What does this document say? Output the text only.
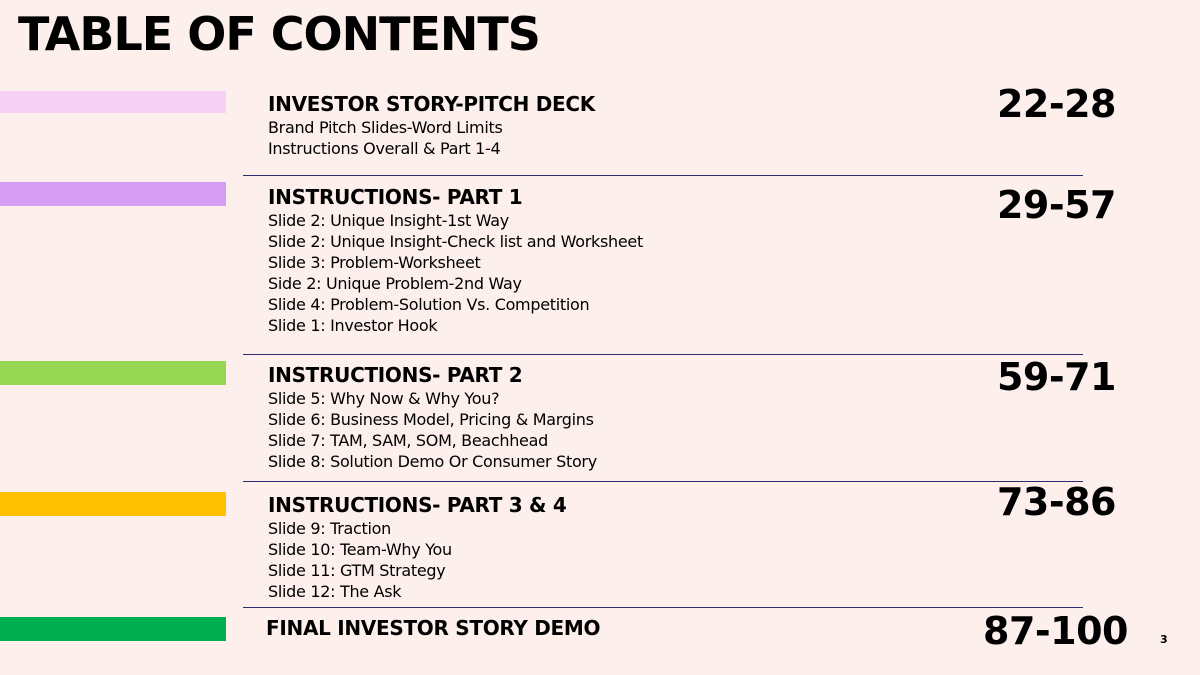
TABLE OF CONTENTS
INVESTOR STORY-PITCH DECK
Brand Pitch Slides-Word Limits
Instructions Overall & Part 1-4
22-28
INSTRUCTIONS- PART 1
Slide 2: Unique Insight-1st Way
Slide 2: Unique Insight-Check list and Worksheet
Slide 3: Problem-Worksheet
Side 2: Unique Problem-2nd Way
Slide 4: Problem-Solution Vs. Competition
Slide 1: Investor Hook
29-57
INSTRUCTIONS- PART 2
Slide 5: Why Now & Why You?
Slide 6: Business Model, Pricing & Margins
Slide 7: TAM, SAM, SOM, Beachhead
Slide 8: Solution Demo Or Consumer Story
59-71
INSTRUCTIONS- PART 3 & 4
Slide 9: Traction
Slide 10: Team-Why You
Slide 11: GTM Strategy
Slide 12: The Ask
73-86
FINAL INVESTOR STORY DEMO	87-100	3
